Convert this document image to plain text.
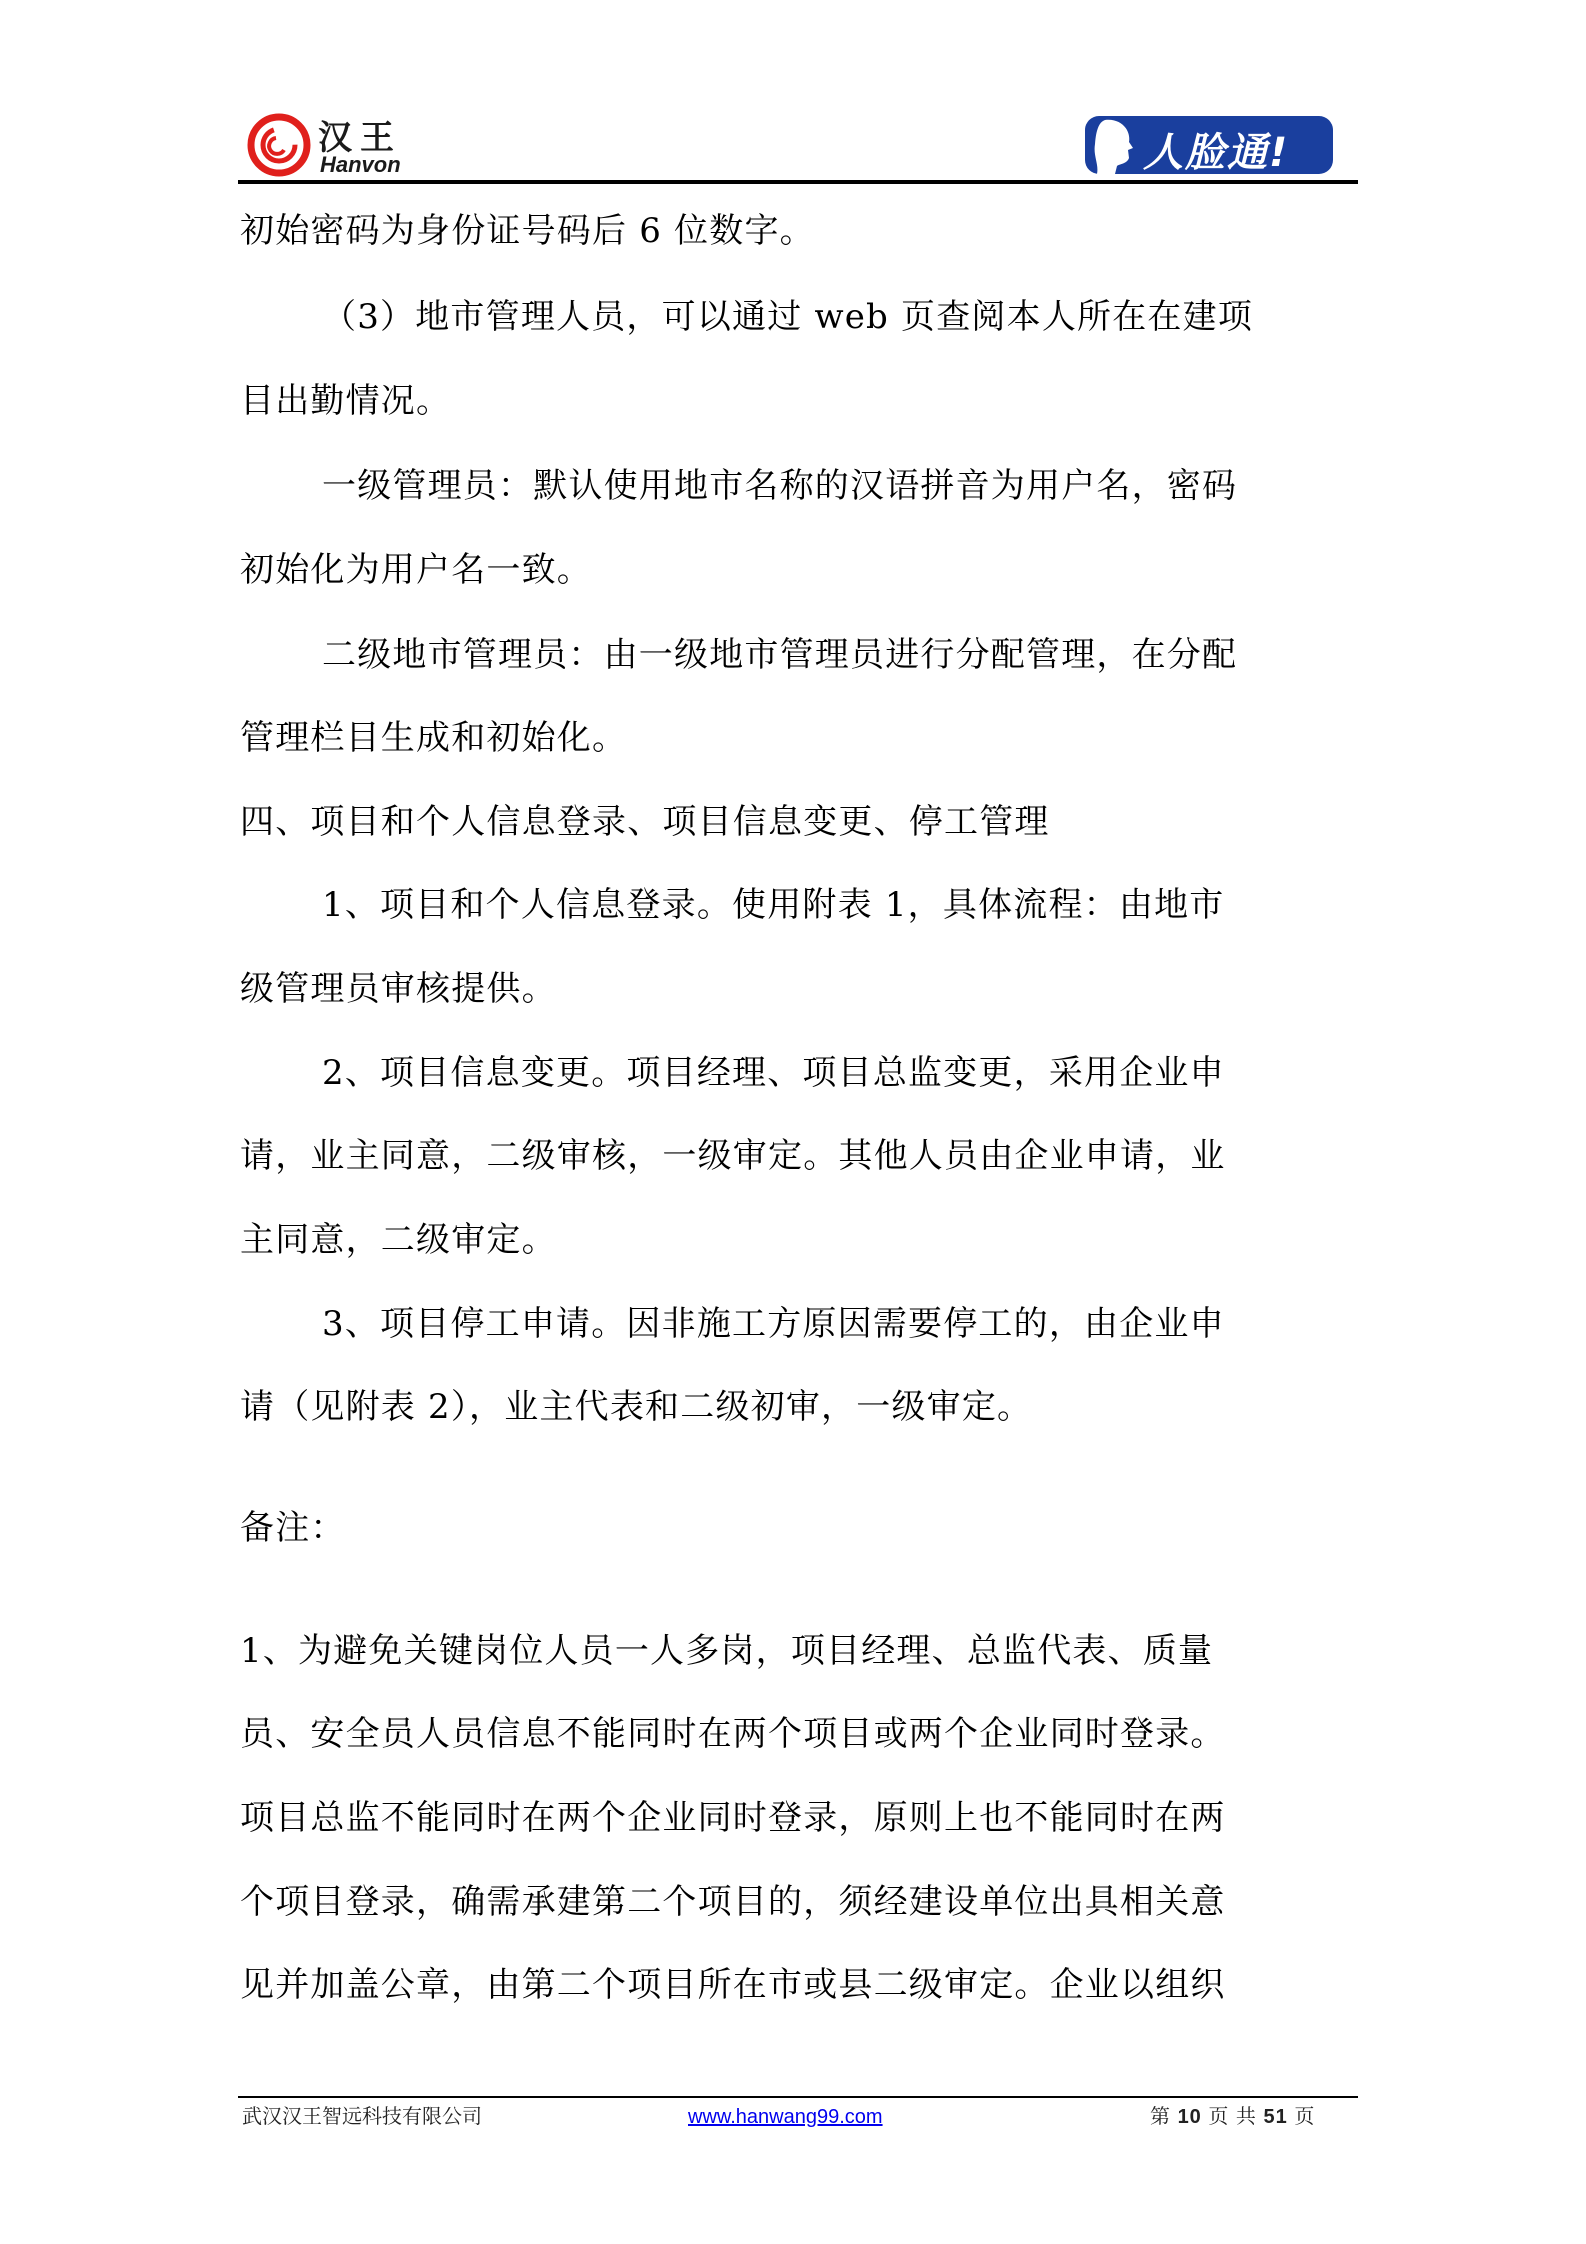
汉王
Hanvon	人脸通!
初始密码为身份证号码后 6 位数字。
（3）地市管理人员，可以通过 web 页查阅本人所在在建项
目出勤情况。
一级管理员：默认使用地市名称的汉语拼音为用户名，密码
初始化为用户名一致。
二级地市管理员：由一级地市管理员进行分配管理，在分配
管理栏目生成和初始化。
四、项目和个人信息登录、项目信息变更、停工管理
1、项目和个人信息登录。使用附表 1，具体流程：由地市
级管理员审核提供。
2、项目信息变更。项目经理、项目总监变更，采用企业申
请，业主同意，二级审核，一级审定。其他人员由企业申请，业
主同意，二级审定。
3、项目停工申请。因非施工方原因需要停工的，由企业申
请（见附表 2），业主代表和二级初审，一级审定。
备注：
1、为避免关键岗位人员一人多岗，项目经理、总监代表、质量
员、安全员人员信息不能同时在两个项目或两个企业同时登录。
项目总监不能同时在两个企业同时登录，原则上也不能同时在两
个项目登录，确需承建第二个项目的，须经建设单位出具相关意
见并加盖公章，由第二个项目所在市或县二级审定。企业以组织
武汉汉王智远科技有限公司	www.hanwang99.com	第 10 页 共 51 页
